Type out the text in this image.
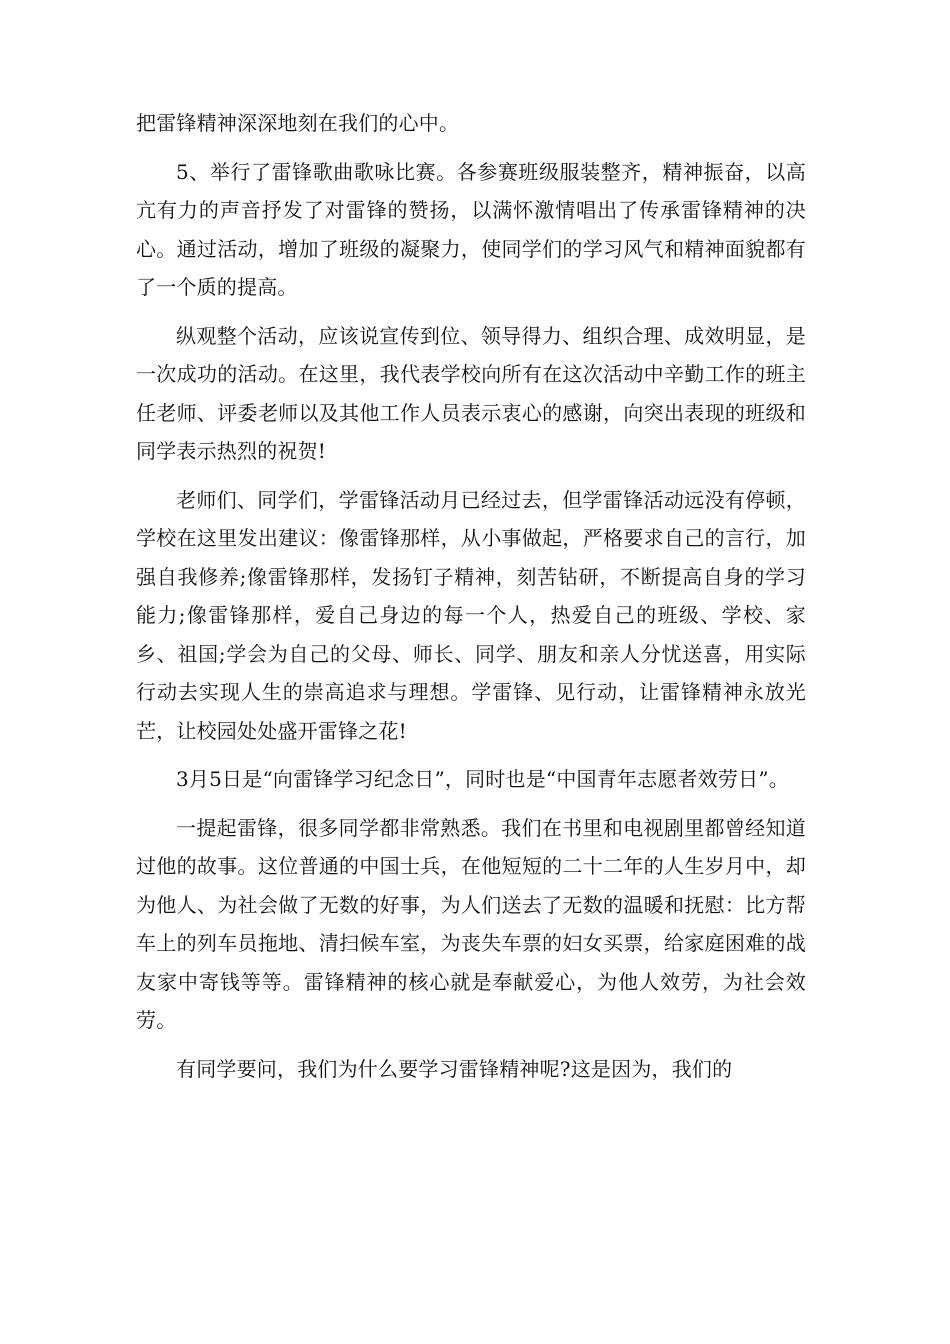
把雷锋精神深深地刻在我们的心中。

5、举行了雷锋歌曲歌咏比赛。各参赛班级服装整齐，精神振奋，以高亢有力的声音抒发了对雷锋的赞扬，以满怀激情唱出了传承雷锋精神的决心。通过活动，增加了班级的凝聚力，使同学们的学习风气和精神面貌都有了一个质的提高。

纵观整个活动，应该说宣传到位、领导得力、组织合理、成效明显，是一次成功的活动。在这里，我代表学校向所有在这次活动中辛勤工作的班主任老师、评委老师以及其他工作人员表示衷心的感谢，向突出表现的班级和同学表示热烈的祝贺!

老师们、同学们，学雷锋活动月已经过去，但学雷锋活动远没有停顿，学校在这里发出建议：像雷锋那样，从小事做起，严格要求自己的言行，加强自我修养;像雷锋那样，发扬钉子精神，刻苦钻研，不断提高自身的学习能力;像雷锋那样，爱自己身边的每一个人，热爱自己的班级、学校、家乡、祖国;学会为自己的父母、师长、同学、朋友和亲人分忧送喜，用实际行动去实现人生的崇高追求与理想。学雷锋、见行动，让雷锋精神永放光芒，让校园处处盛开雷锋之花!

3月5日是“向雷锋学习纪念日”，同时也是“中国青年志愿者效劳日”。

一提起雷锋，很多同学都非常熟悉。我们在书里和电视剧里都曾经知道过他的故事。这位普通的中国士兵，在他短短的二十二年的人生岁月中，却为他人、为社会做了无数的好事，为人们送去了无数的温暖和抚慰：比方帮车上的列车员拖地、清扫候车室，为丧失车票的妇女买票，给家庭困难的战友家中寄钱等等。雷锋精神的核心就是奉献爱心，为他人效劳，为社会效劳。

有同学要问，我们为什么要学习雷锋精神呢?这是因为，我们的
